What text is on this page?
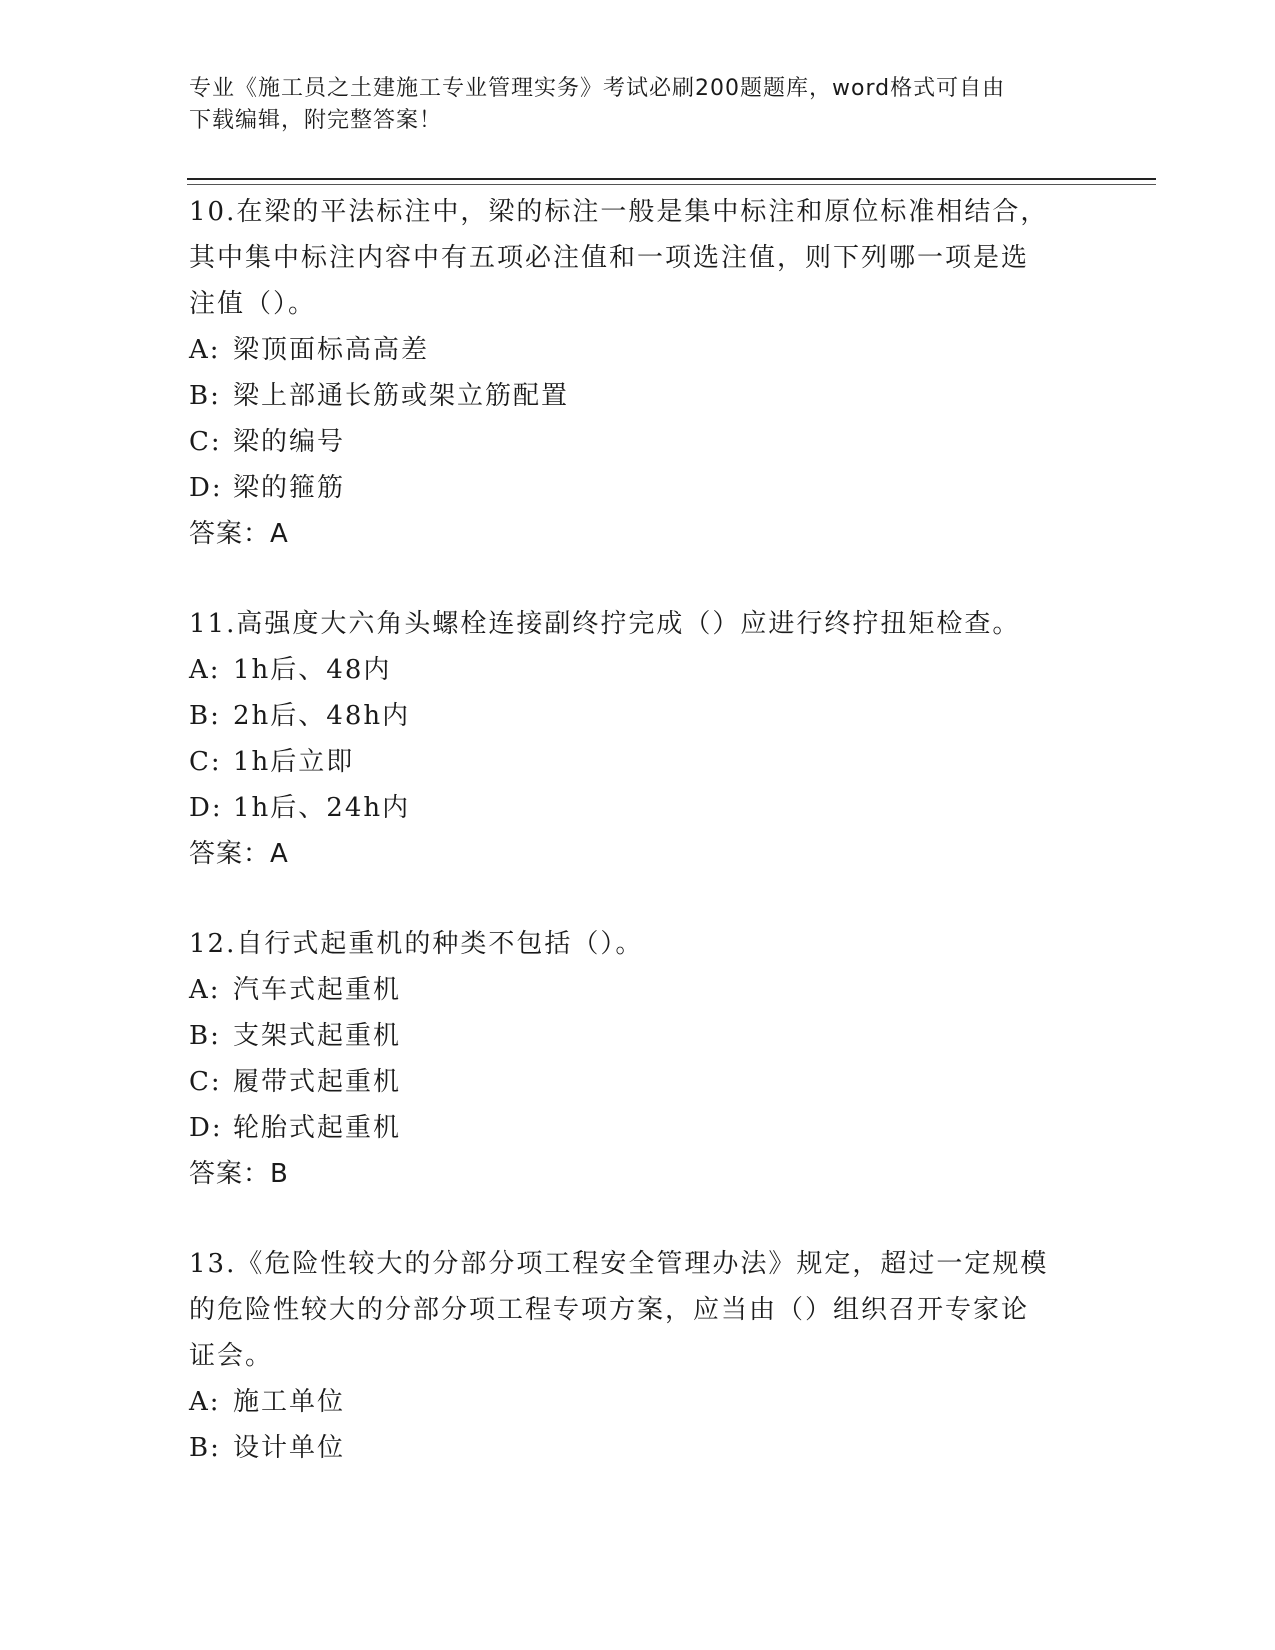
专业《施工员之土建施工专业管理实务》考试必刷200题题库，word格式可自由
下载编辑，附完整答案！
10.在梁的平法标注中，梁的标注一般是集中标注和原位标准相结合，
其中集中标注内容中有五项必注值和一项选注值，则下列哪一项是选
注值（）。
A: 梁顶面标高高差
B: 梁上部通长筋或架立筋配置
C: 梁的编号
D: 梁的箍筋
答案：A
11.高强度大六角头螺栓连接副终拧完成（）应进行终拧扭矩检查。
A: 1h后、48内
B: 2h后、48h内
C: 1h后立即
D: 1h后、24h内
答案：A
12.自行式起重机的种类不包括（）。
A: 汽车式起重机
B: 支架式起重机
C: 履带式起重机
D: 轮胎式起重机
答案：B
13.《危险性较大的分部分项工程安全管理办法》规定，超过一定规模
的危险性较大的分部分项工程专项方案，应当由（）组织召开专家论
证会。
A: 施工单位
B: 设计单位
